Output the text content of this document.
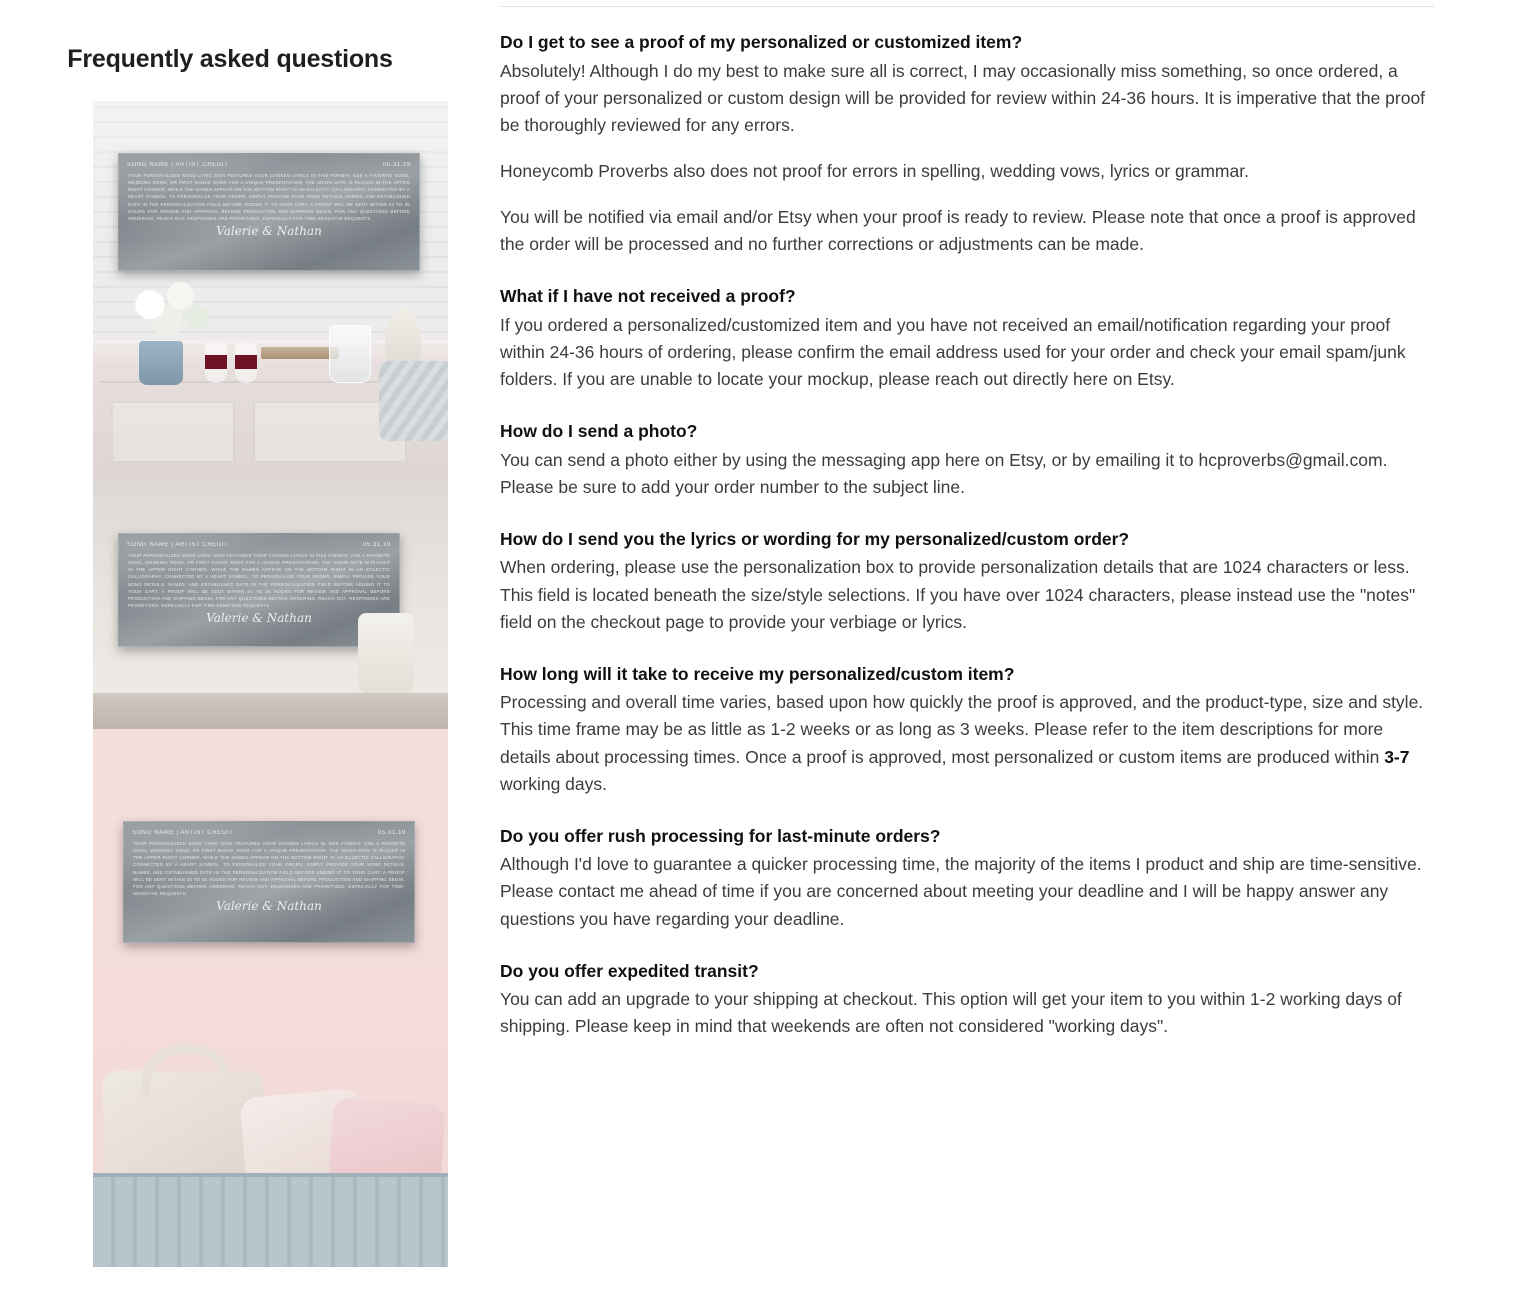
Frequently asked questions
SONG NAME | ARTIST CREDIT	05.31.19
YOUR PERSONALIZED SONG LYRIC SIGN FEATURES YOUR CHOSEN LYRICS IN THIS FORMAT. USE A FAVORITE SONG, WEDDING SONG, OR FIRST DANCE SONG FOR A UNIQUE PRESENTATION. THE UNION DATE IS PLACED IN THE UPPER RIGHT CORNER, WHILE THE NAMES APPEAR ON THE BOTTOM RIGHT IN AN ECLECTIC CALLIGRAPHY, CONNECTED BY A HEART SYMBOL. TO PERSONALIZE YOUR ORDER, SIMPLY PROVIDE YOUR SONG DETAILS, NAMES, AND ESTABLISHED DATE IN THE PERSONALIZATION FIELD BEFORE ADDING IT TO YOUR CART. A PROOF WILL BE SENT WITHIN 24 TO 36 HOURS FOR REVIEW AND APPROVAL BEFORE PRODUCTION AND SHIPPING BEGIN. FOR ANY QUESTIONS BEFORE ORDERING, REACH OUT. RESPONSES ARE PRIORITIZED, ESPECIALLY FOR TIME-SENSITIVE REQUESTS.
Valerie & Nathan
SONG NAME | ARTIST CREDIT	05.31.19
YOUR PERSONALIZED SONG LYRIC SIGN FEATURES YOUR CHOSEN LYRICS IN THIS FORMAT. USE A FAVORITE SONG, WEDDING SONG, OR FIRST DANCE SONG FOR A UNIQUE PRESENTATION. THE UNION DATE IS PLACED IN THE UPPER RIGHT CORNER, WHILE THE NAMES APPEAR ON THE BOTTOM RIGHT IN AN ECLECTIC CALLIGRAPHY, CONNECTED BY A HEART SYMBOL. TO PERSONALIZE YOUR ORDER, SIMPLY PROVIDE YOUR SONG DETAILS, NAMES, AND ESTABLISHED DATE IN THE PERSONALIZATION FIELD BEFORE ADDING IT TO YOUR CART. A PROOF WILL BE SENT WITHIN 24 TO 36 HOURS FOR REVIEW AND APPROVAL BEFORE PRODUCTION AND SHIPPING BEGIN. FOR ANY QUESTIONS BEFORE ORDERING, REACH OUT. RESPONSES ARE PRIORITIZED, ESPECIALLY FOR TIME-SENSITIVE REQUESTS.
Valerie & Nathan
SONG NAME | ARTIST CREDIT	05.31.19
YOUR PERSONALIZED SONG LYRIC SIGN FEATURES YOUR CHOSEN LYRICS IN THIS FORMAT. USE A FAVORITE SONG, WEDDING SONG, OR FIRST DANCE SONG FOR A UNIQUE PRESENTATION. THE UNION DATE IS PLACED IN THE UPPER RIGHT CORNER, WHILE THE NAMES APPEAR ON THE BOTTOM RIGHT IN AN ECLECTIC CALLIGRAPHY, CONNECTED BY A HEART SYMBOL. TO PERSONALIZE YOUR ORDER, SIMPLY PROVIDE YOUR SONG DETAILS, NAMES, AND ESTABLISHED DATE IN THE PERSONALIZATION FIELD BEFORE ADDING IT TO YOUR CART. A PROOF WILL BE SENT WITHIN 24 TO 36 HOURS FOR REVIEW AND APPROVAL BEFORE PRODUCTION AND SHIPPING BEGIN. FOR ANY QUESTIONS BEFORE ORDERING, REACH OUT. RESPONSES ARE PRIORITIZED, ESPECIALLY FOR TIME-SENSITIVE REQUESTS.
Valerie & Nathan
Do I get to see a proof of my personalized or customized item?

Absolutely! Although I do my best to make sure all is correct, I may occasionally miss something, so once ordered, a proof of your personalized or custom design will be provided for review within 24-36 hours. It is imperative that the proof be thoroughly reviewed for any errors.

Honeycomb Proverbs also does not proof for errors in spelling, wedding vows, lyrics or grammar.

You will be notified via email and/or Etsy when your proof is ready to review. Please note that once a proof is approved the order will be processed and no further corrections or adjustments can be made.

What if I have not received a proof?

If you ordered a personalized/customized item and you have not received an email/notification regarding your proof within 24-36 hours of ordering, please confirm the email address used for your order and check your email spam/junk folders. If you are unable to locate your mockup, please reach out directly here on Etsy.

How do I send a photo?

You can send a photo either by using the messaging app here on Etsy, or by emailing it to hcproverbs@gmail.com. Please be sure to add your order number to the subject line.

How do I send you the lyrics or wording for my personalized/custom order?

When ordering, please use the personalization box to provide personalization details that are 1024 characters or less. This field is located beneath the size/style selections. If you have over 1024 characters, please instead use the "notes" field on the checkout page to provide your verbiage or lyrics.

How long will it take to receive my personalized/custom item?

Processing and overall time varies, based upon how quickly the proof is approved, and the product-type, size and style. This time frame may be as little as 1-2 weeks or as long as 3 weeks. Please refer to the item descriptions for more details about processing times. Once a proof is approved, most personalized or custom items are produced within 3-7 working days.

Do you offer rush processing for last-minute orders?

Although I'd love to guarantee a quicker processing time, the majority of the items I product and ship are time-sensitive. Please contact me ahead of time if you are concerned about meeting your deadline and I will be happy answer any questions you have regarding your deadline.

Do you offer expedited transit?

You can add an upgrade to your shipping at checkout. This option will get your item to you within 1-2 working days of shipping. Please keep in mind that weekends are often not considered "working days".
